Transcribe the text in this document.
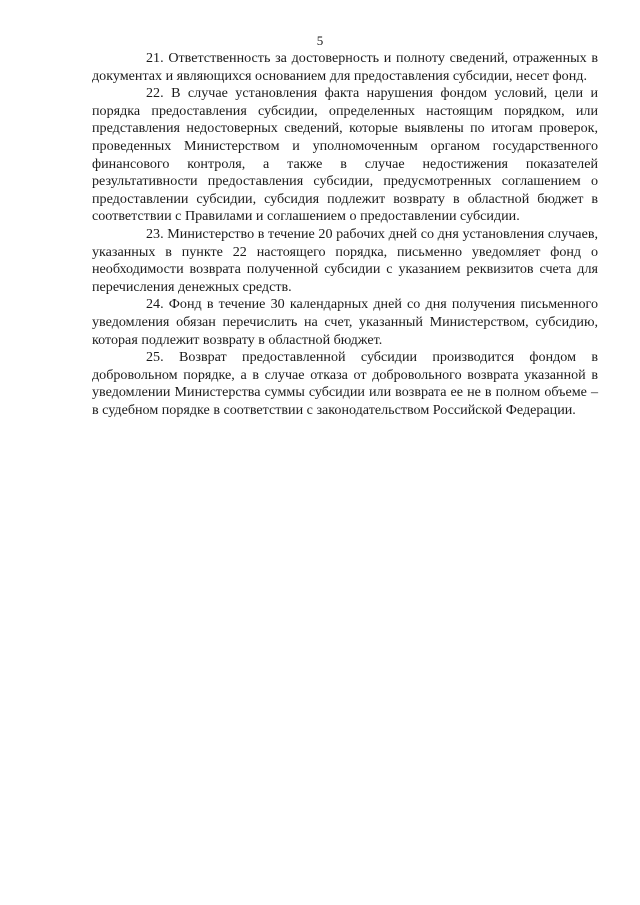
5

21. Ответственность за достоверность и полноту сведений, отраженных в документах и являющихся основанием для предоставления субсидии, несет фонд.

22. В случае установления факта нарушения фондом условий, цели и порядка предоставления субсидии, определенных настоящим порядком, или представления недостоверных сведений, которые выявлены по итогам проверок, проведенных Министерством и уполномоченным органом государственного финансового контроля, а также в случае недостижения показателей результативности предоставления субсидии, предусмотренных соглашением о предоставлении субсидии, субсидия подлежит возврату в областной бюджет в соответствии с Правилами и соглашением о предоставлении субсидии.

23. Министерство в течение 20 рабочих дней со дня установления случаев, указанных в пункте 22 настоящего порядка, письменно уведомляет фонд о необходимости возврата полученной субсидии с указанием реквизитов счета для перечисления денежных средств.

24. Фонд в течение 30 календарных дней со дня получения письменного уведомления обязан перечислить на счет, указанный Министерством, субсидию, которая подлежит возврату в областной бюджет.

25. Возврат предоставленной субсидии производится фондом в добровольном порядке, а в случае отказа от добровольного возврата указанной в уведомлении Министерства суммы субсидии или возврата ее не в полном объеме – в судебном порядке в соответствии с законодательством Российской Федерации.
